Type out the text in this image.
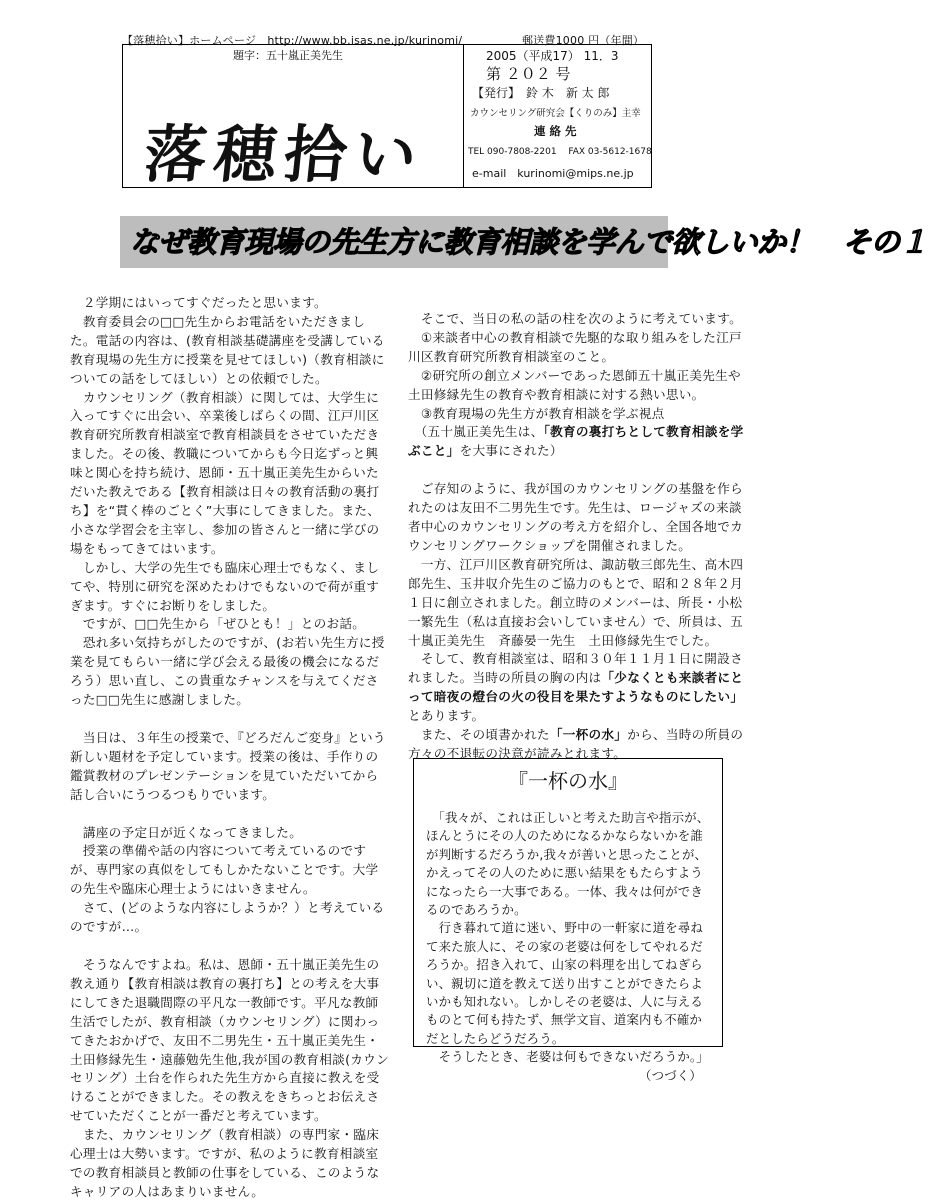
【落穂拾い】ホームページ　http://www.bb.isas.ne.jp/kurinomi/	郵送費1000 円（年間）
題字：五十嵐正美先生
落穂拾い
2005（平成17） 11．3
第 ２０２ 号
【発行】　鈴 木　新 太 郎
カウンセリング研究会【くりのみ】主幸
連 絡 先
TEL 090-7808-2201　 FAX 03-5612-1678
e-mail　kurinomi@mips.ne.jp
なぜ教育現場の先生方に教育相談を学んで欲しいか！　その１

　２学期にはいってすぐだったと思います。

　教育委員会の□□先生からお電話をいただきました。電話の内容は、(教育相談基礎講座を受講している教育現場の先生方に授業を見せてほしい)（教育相談についての話をしてほしい）との依頼でした。

　カウンセリング（教育相談）に関しては、大学生に入ってすぐに出会い、卒業後しばらくの間、江戸川区教育研究所教育相談室で教育相談員をさせていただきました。その後、教職についてからも今日迄ずっと興味と関心を持ち続け、恩師・五十嵐正美先生からいただいた教えである【教育相談は日々の教育活動の裏打ち】を“貫く棒のごとく”大事にしてきました。また、小さな学習会を主宰し、参加の皆さんと一緒に学びの場をもってきてはいます。

　しかし、大学の先生でも臨床心理士でもなく、ましてや、特別に研究を深めたわけでもないので荷が重すぎます。すぐにお断りをしました。

　ですが、□□先生から「ぜひとも！」とのお話。

　恐れ多い気持ちがしたのですが、(お若い先生方に授業を見てもらい一緒に学び会える最後の機会になるだろう）思い直し、この貴重なチャンスを与えてくださった□□先生に感謝しました。

　当日は、３年生の授業で、『どろだんご変身』という新しい題材を予定しています。授業の後は、手作りの鑑賞教材のプレゼンテーションを見ていただいてから話し合いにうつるつもりでいます。

　講座の予定日が近くなってきました。

　授業の準備や話の内容について考えているのですが、専門家の真似をしてもしかたないことです。大学の先生や臨床心理士ようにはいきません。

　さて、(どのような内容にしようか？）と考えているのですが…。

　そうなんですよね。私は、恩師・五十嵐正美先生の教え通り【教育相談は教育の裏打ち】との考えを大事にしてきた退職間際の平凡な一教師です。平凡な教師生活でしたが、教育相談（カウンセリング）に関わってきたおかげで、友田不二男先生・五十嵐正美先生・土田修縁先生・遠藤勉先生他,我が国の教育相談(カウンセリング）土台を作られた先生方から直接に教えを受けることができました。その教えをきちっとお伝えさせていただくことが一番だと考えています。

　また、カウンセリング（教育相談）の専門家・臨床心理士は大勢います。ですが、私のように教育相談室での教育相談員と教師の仕事をしている、このようなキャリアの人はあまりいません。

　そこで、当日の私の話の柱を次のように考えています。

　①来談者中心の教育相談で先駆的な取り組みをした江戸川区教育研究所教育相談室のこと。

　②研究所の創立メンバーであった恩師五十嵐正美先生や土田修縁先生の教育や教育相談に対する熱い思い。

　③教育現場の先生方が教育相談を学ぶ視点

　（五十嵐正美先生は、「教育の裏打ちとして教育相談を学ぶこと」を大事にされた）

　ご存知のように、我が国のカウンセリングの基盤を作られたのは友田不二男先生です。先生は、ロージャズの来談者中心のカウンセリングの考え方を紹介し、全国各地でカウンセリングワークショップを開催されました。

　一方、江戸川区教育研究所は、諏訪敬三郎先生、高木四郎先生、玉井収介先生のご協力のもとで、昭和２８年２月１日に創立されました。創立時のメンバーは、所長・小松一繁先生（私は直接お会いしていません）で、所員は、五十嵐正美先生　斉藤晏一先生　土田修縁先生でした。

　そして、教育相談室は、昭和３０年１１月１日に開設されました。当時の所員の胸の内は「少なくとも来談者にとって暗夜の燈台の火の役目を果たすようなものにしたい」とあります。

　また、その頃書かれた「一杯の水」から、当時の所員の方々の不退転の決意が読みとれます。

『一杯の水』

　「我々が、これは正しいと考えた助言や指示が、ほんとうにその人のためになるかならないかを誰が判断するだろうか,我々が善いと思ったことが、かえってその人のために悪い結果をもたらすようになったら一大事である。一体、我々は何ができるのであろうか。

　行き暮れて道に迷い、野中の一軒家に道を尋ねて来た旅人に、その家の老婆は何をしてやれるだろうか。招き入れて、山家の料理を出してねぎらい、親切に道を教えて送り出すことができたらよいかも知れない。しかしその老婆は、人に与えるものとて何も持たず、無学文盲、道案内も不確かだとしたらどうだろう。

　そうしたとき、老婆は何もできないだろうか。」

（つづく）
